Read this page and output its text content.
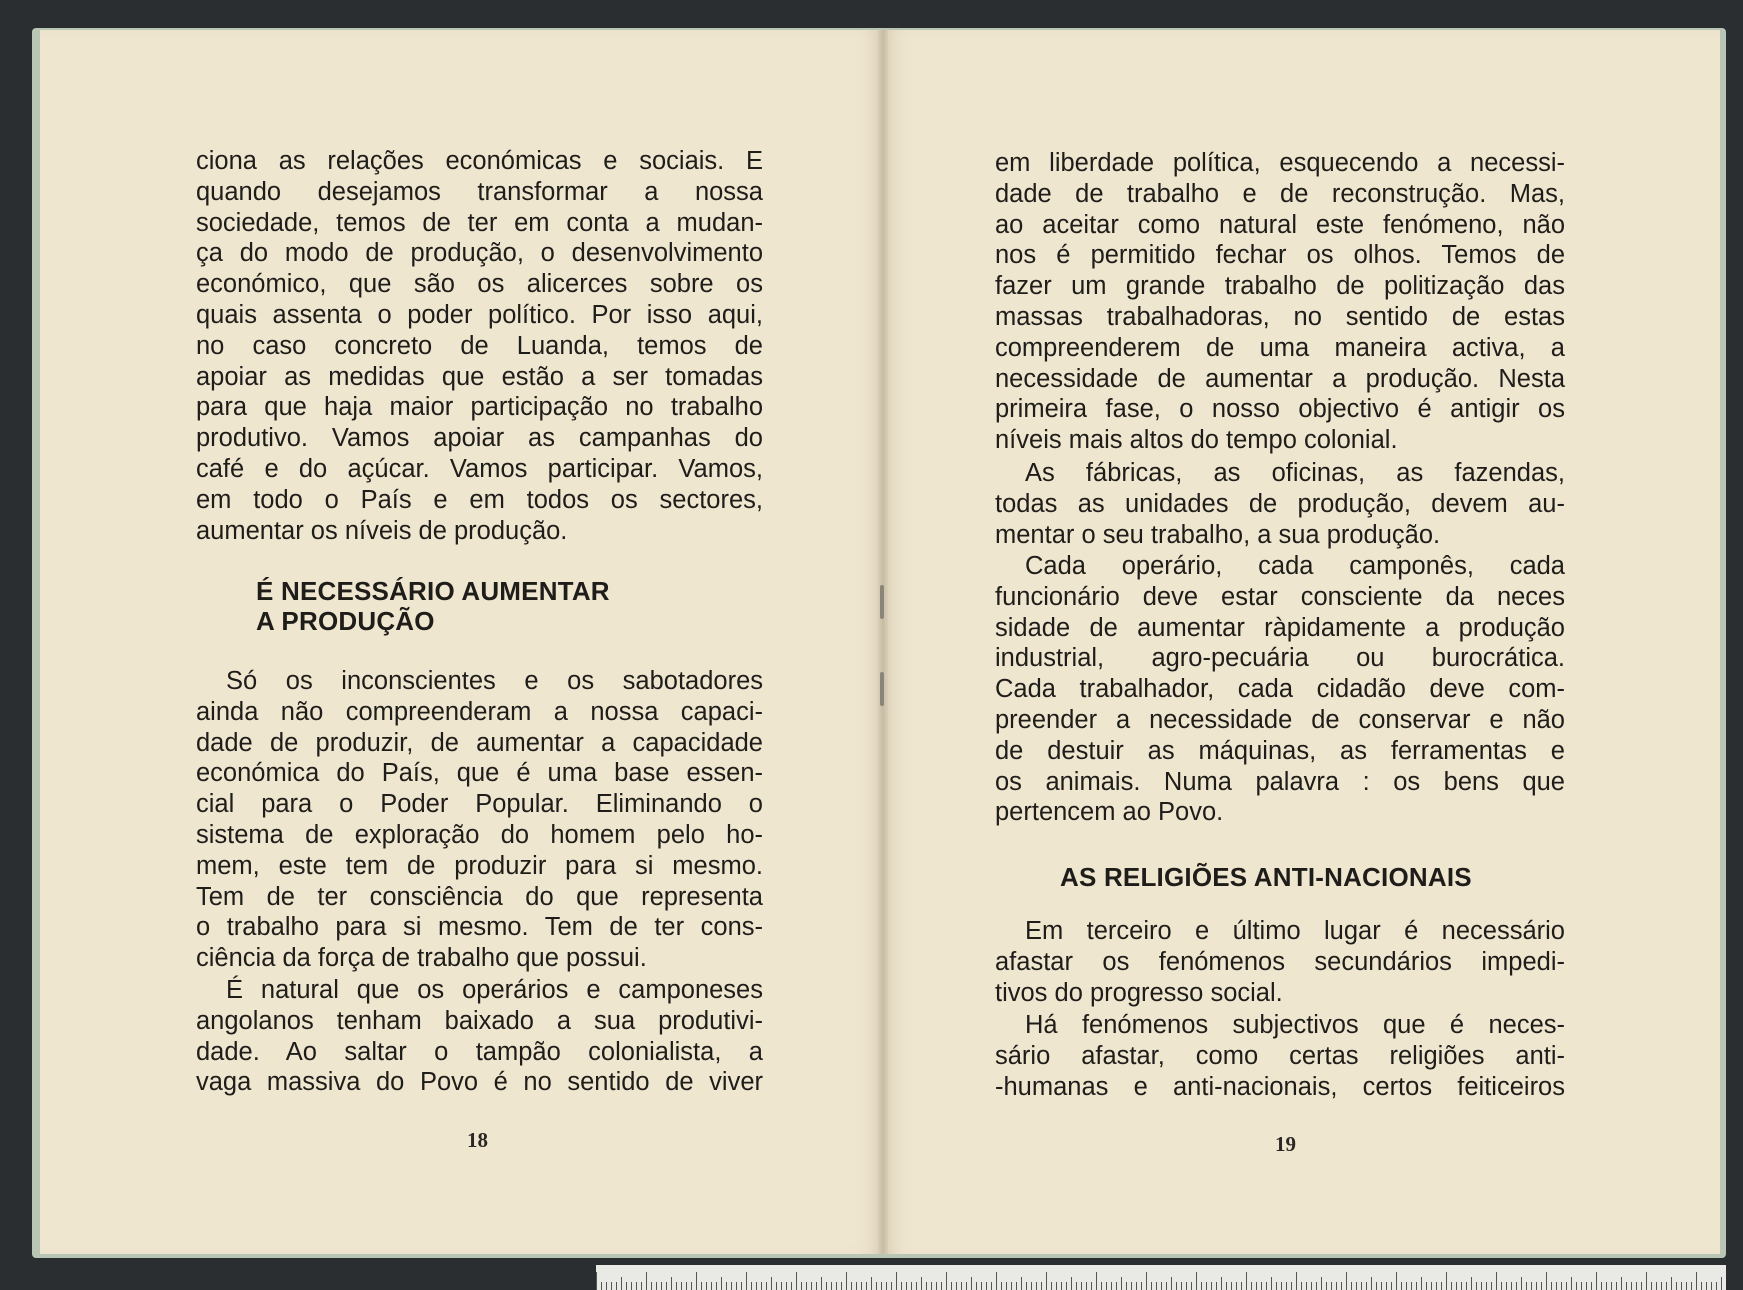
ciona as relações económicas e sociais. E
quando desejamos transformar a nossa
sociedade, temos de ter em conta a mudan-
ça do modo de produção, o desenvolvimento
económico, que são os alicerces sobre os
quais assenta o poder político. Por isso aqui,
no caso concreto de Luanda, temos de
apoiar as medidas que estão a ser tomadas
para que haja maior participação no trabalho
produtivo. Vamos apoiar as campanhas do
café e do açúcar. Vamos participar. Vamos,
em todo o País e em todos os sectores,
aumentar os níveis de produção.
É NECESSÁRIO AUMENTAR
A PRODUÇÃO
Só os inconscientes e os sabotadores
ainda não compreenderam a nossa capaci-
dade de produzir, de aumentar a capacidade
económica do País, que é uma base essen-
cial para o Poder Popular. Eliminando o
sistema de exploração do homem pelo ho-
mem, este tem de produzir para si mesmo.
Tem de ter consciência do que representa
o trabalho para si mesmo. Tem de ter cons-
ciência da força de trabalho que possui.
É natural que os operários e camponeses
angolanos tenham baixado a sua produtivi-
dade. Ao saltar o tampão colonialista, a
vaga massiva do Povo é no sentido de viver
18
em liberdade política, esquecendo a necessi-
dade de trabalho e de reconstrução. Mas,
ao aceitar como natural este fenómeno, não
nos é permitido fechar os olhos. Temos de
fazer um grande trabalho de politização das
massas trabalhadoras, no sentido de estas
compreenderem de uma maneira activa, a
necessidade de aumentar a produção. Nesta
primeira fase, o nosso objectivo é antigir os
níveis mais altos do tempo colonial.
As fábricas, as oficinas, as fazendas,
todas as unidades de produção, devem au-
mentar o seu trabalho, a sua produção.
Cada operário, cada camponês, cada
funcionário deve estar consciente da neces
sidade de aumentar ràpidamente a produção
industrial, agro-pecuária ou burocrática.
Cada trabalhador, cada cidadão deve com-
preender a necessidade de conservar e não
de destuir as máquinas, as ferramentas e
os animais. Numa palavra : os bens que
pertencem ao Povo.
AS RELIGIÕES ANTI-NACIONAIS
Em terceiro e último lugar é necessário
afastar os fenómenos secundários impedi-
tivos do progresso social.
Há fenómenos subjectivos que é neces-
sário afastar, como certas religiões anti-
-humanas e anti-nacionais, certos feiticeiros
19
